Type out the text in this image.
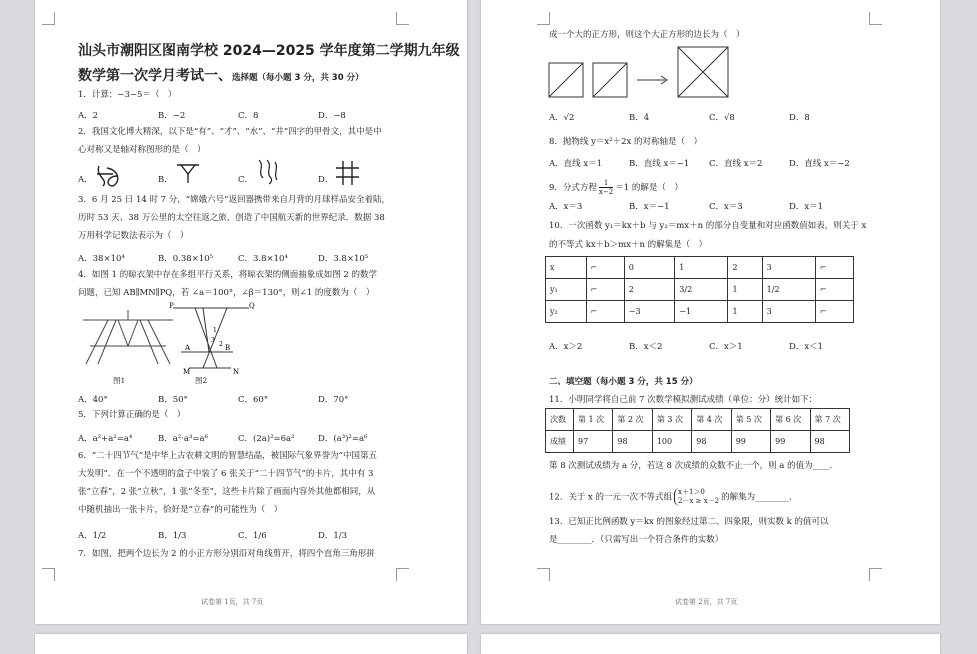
汕头市潮阳区图南学校 2024—2025 学年度第二学期九年级
数学第一次学月考试一、选择题（每小题 3 分，共 30 分）
1．计算：−3−5＝（　）
A．2	B．−2	C．8	D．−8
2．我国文化博大精深，以下是“有”、“才”、“水”、“井”四字的甲骨文，其中是中
心对称又是轴对称图形的是（　）
A．	B．	C．	D．
3．6 月 25 日 14 时 7 分，“嫦娥六号”返回器携带来自月背的月球样品安全着陆，
历时 53 天、38 万公里的太空往返之旅，创造了中国航天新的世界纪录．数据 38
万用科学记数法表示为（　）
A．38×10⁴	B．0.38×10⁵	C．3.8×10⁴	D．3.8×10⁵
4．如图 1 的晾衣架中存在多组平行关系，将晾衣架的侧面抽象成如图 2 的数学
问题，已知 AB∥MN∥PQ，若 ∠a＝100°，∠β＝130°，则∠1 的度数为（　）
图1
P	Q
A	B
3
1
2
M	N
图2
A．40°	B．50°	C．60°	D．70°
5．下列计算正确的是（　）
A．a²+a²=a⁴	B．a²·a³=a⁶	C．(2a)²=6a²	D．(a³)²=a⁶
6．“二十四节气”是中华上古农耕文明的智慧结晶，被国际气象界誉为“中国第五
大发明”．在一个不透明的盒子中装了 6 张关于“二十四节气”的卡片，其中有 3
张“立春”，2 张“立秋”，1 张“冬至”，这些卡片除了画面内容外其他都相同，从
中随机抽出一张卡片，恰好是“立春”的可能性为（　）
A．1/2	B．1/3	C．1/6	D．1/3
7．如图，把两个边长为 2 的小正方形分别沿对角线剪开，将四个直角三角形拼
试卷第 1页，共 7页
成一个大的正方形，则这个大正方形的边长为（　）
A．√2	B．4	C．√8	D．8
8．抛物线 y＝x²＋2x 的对称轴是（　）
A．直线 x＝1	B．直线 x＝−1 C．直线 x＝2	D．直线 x＝−2
9．分式方程 $\frac{1}{x-2} =1$ 的解是（　）
A．x＝3	B．x＝−1	C．x＝3	D．x＝1
10．一次函数 y₁＝kx＋b 与 y₂＝mx＋n 的部分自变量和对应函数值如表，则关于 x
的不等式 kx＋b＞mx＋n 的解集是（　）
x	⌐	0	1	2	3	⌐
y₁	⌐	2	3/2	1	1/2	⌐
y₂	⌐	−3	−1	1	3	⌐
A．x＞2	B．x＜2	C．x＞1	D．x＜1
二、填空题（每小题 3 分，共 15 分）
11．小明同学将自己前 7 次数学模拟测试成绩（单位：分）统计如下：
次数	第 1 次	第 2 次	第 3 次	第 4 次	第 5 次	第 6 次	第 7 次
成绩	97	98	100	98	99	99	98
第 8 次测试成绩为 a 分，若这 8 次成绩的众数不止一个，则 a 的值为____．
12．关于 x 的一元一次不等式组
x＋1＞0
2－x ≥ x－2 的解集为________．
13．已知正比例函数 y＝kx 的图象经过第二、四象限，则实数 k 的值可以
是________．（只需写出一个符合条件的实数）
试卷第 2页，共 7页
